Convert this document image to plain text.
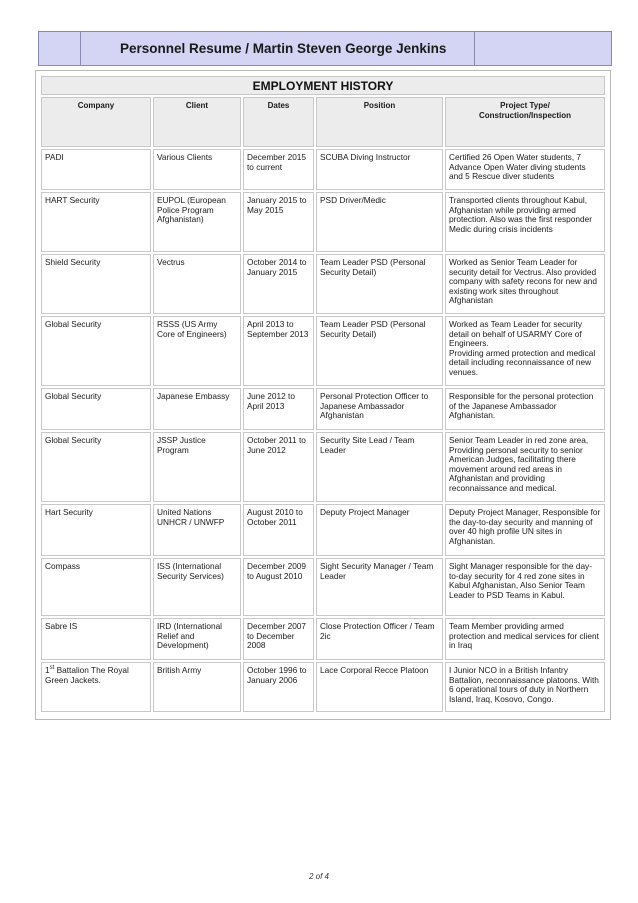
Personnel Resume / Martin Steven George Jenkins
EMPLOYMENT HISTORY				
Company	Client	Dates	Position	Project Type/
Construction/Inspection
PADI	Various Clients	December 2015 to current	SCUBA Diving Instructor	Certified 26 Open Water students, 7 Advance Open Water diving students and 5 Rescue diver students
HART Security	EUPOL (European Police Program Afghanistan)	January 2015 to May 2015	PSD Driver/Medic	Transported clients throughout Kabul, Afghanistan while providing armed protection. Also was the first responder Medic during crisis incidents
Shield Security	Vectrus	October 2014 to January 2015	Team Leader PSD (Personal Security Detail)	Worked as Senior Team Leader for security detail for Vectrus. Also provided company with safety recons for new and existing work sites throughout Afghanistan
Global Security	RSSS (US Army Core of Engineers)	April 2013 to September 2013	Team Leader PSD (Personal Security Detail)	Worked as Team Leader for security detail on behalf of USARMY Core of Engineers.
Providing armed protection and medical detail including reconnaissance of new venues.
Global Security	Japanese Embassy	June 2012 to April 2013	Personal Protection Officer to Japanese Ambassador Afghanistan	Responsible for the personal protection of the Japanese Ambassador Afghanistan.
Global Security	JSSP Justice Program	October 2011 to June 2012	Security Site Lead / Team Leader	Senior Team Leader in red zone area, Providing personal security to senior American Judges, facilitating there movement around red areas in Afghanistan and providing reconnaissance and medical.
Hart Security	United Nations UNHCR / UNWFP	August 2010 to October 2011	Deputy Project Manager	Deputy Project Manager, Responsible for the day-to-day security and manning of over 40 high profile UN sites in Afghanistan.
Compass	ISS (International Security Services)	December 2009 to August 2010	Sight Security Manager / Team Leader	Sight Manager responsible for the day-to-day security for 4 red zone sites in Kabul Afghanistan, Also Senior Team Leader to PSD Teams in Kabul.
Sabre IS	IRD (International Relief and Development)	December 2007 to December 2008	Close Protection Officer / Team 2ic	Team Member providing armed protection and medical services for client in Iraq
1st Battalion The Royal Green Jackets.	British Army	October 1996 to January 2006	Lace Corporal Recce Platoon	I Junior NCO in a British Infantry Battalion, reconnaissance platoons. With 6 operational tours of duty in Northern Island, Iraq, Kosovo, Congo.
2 of 4
